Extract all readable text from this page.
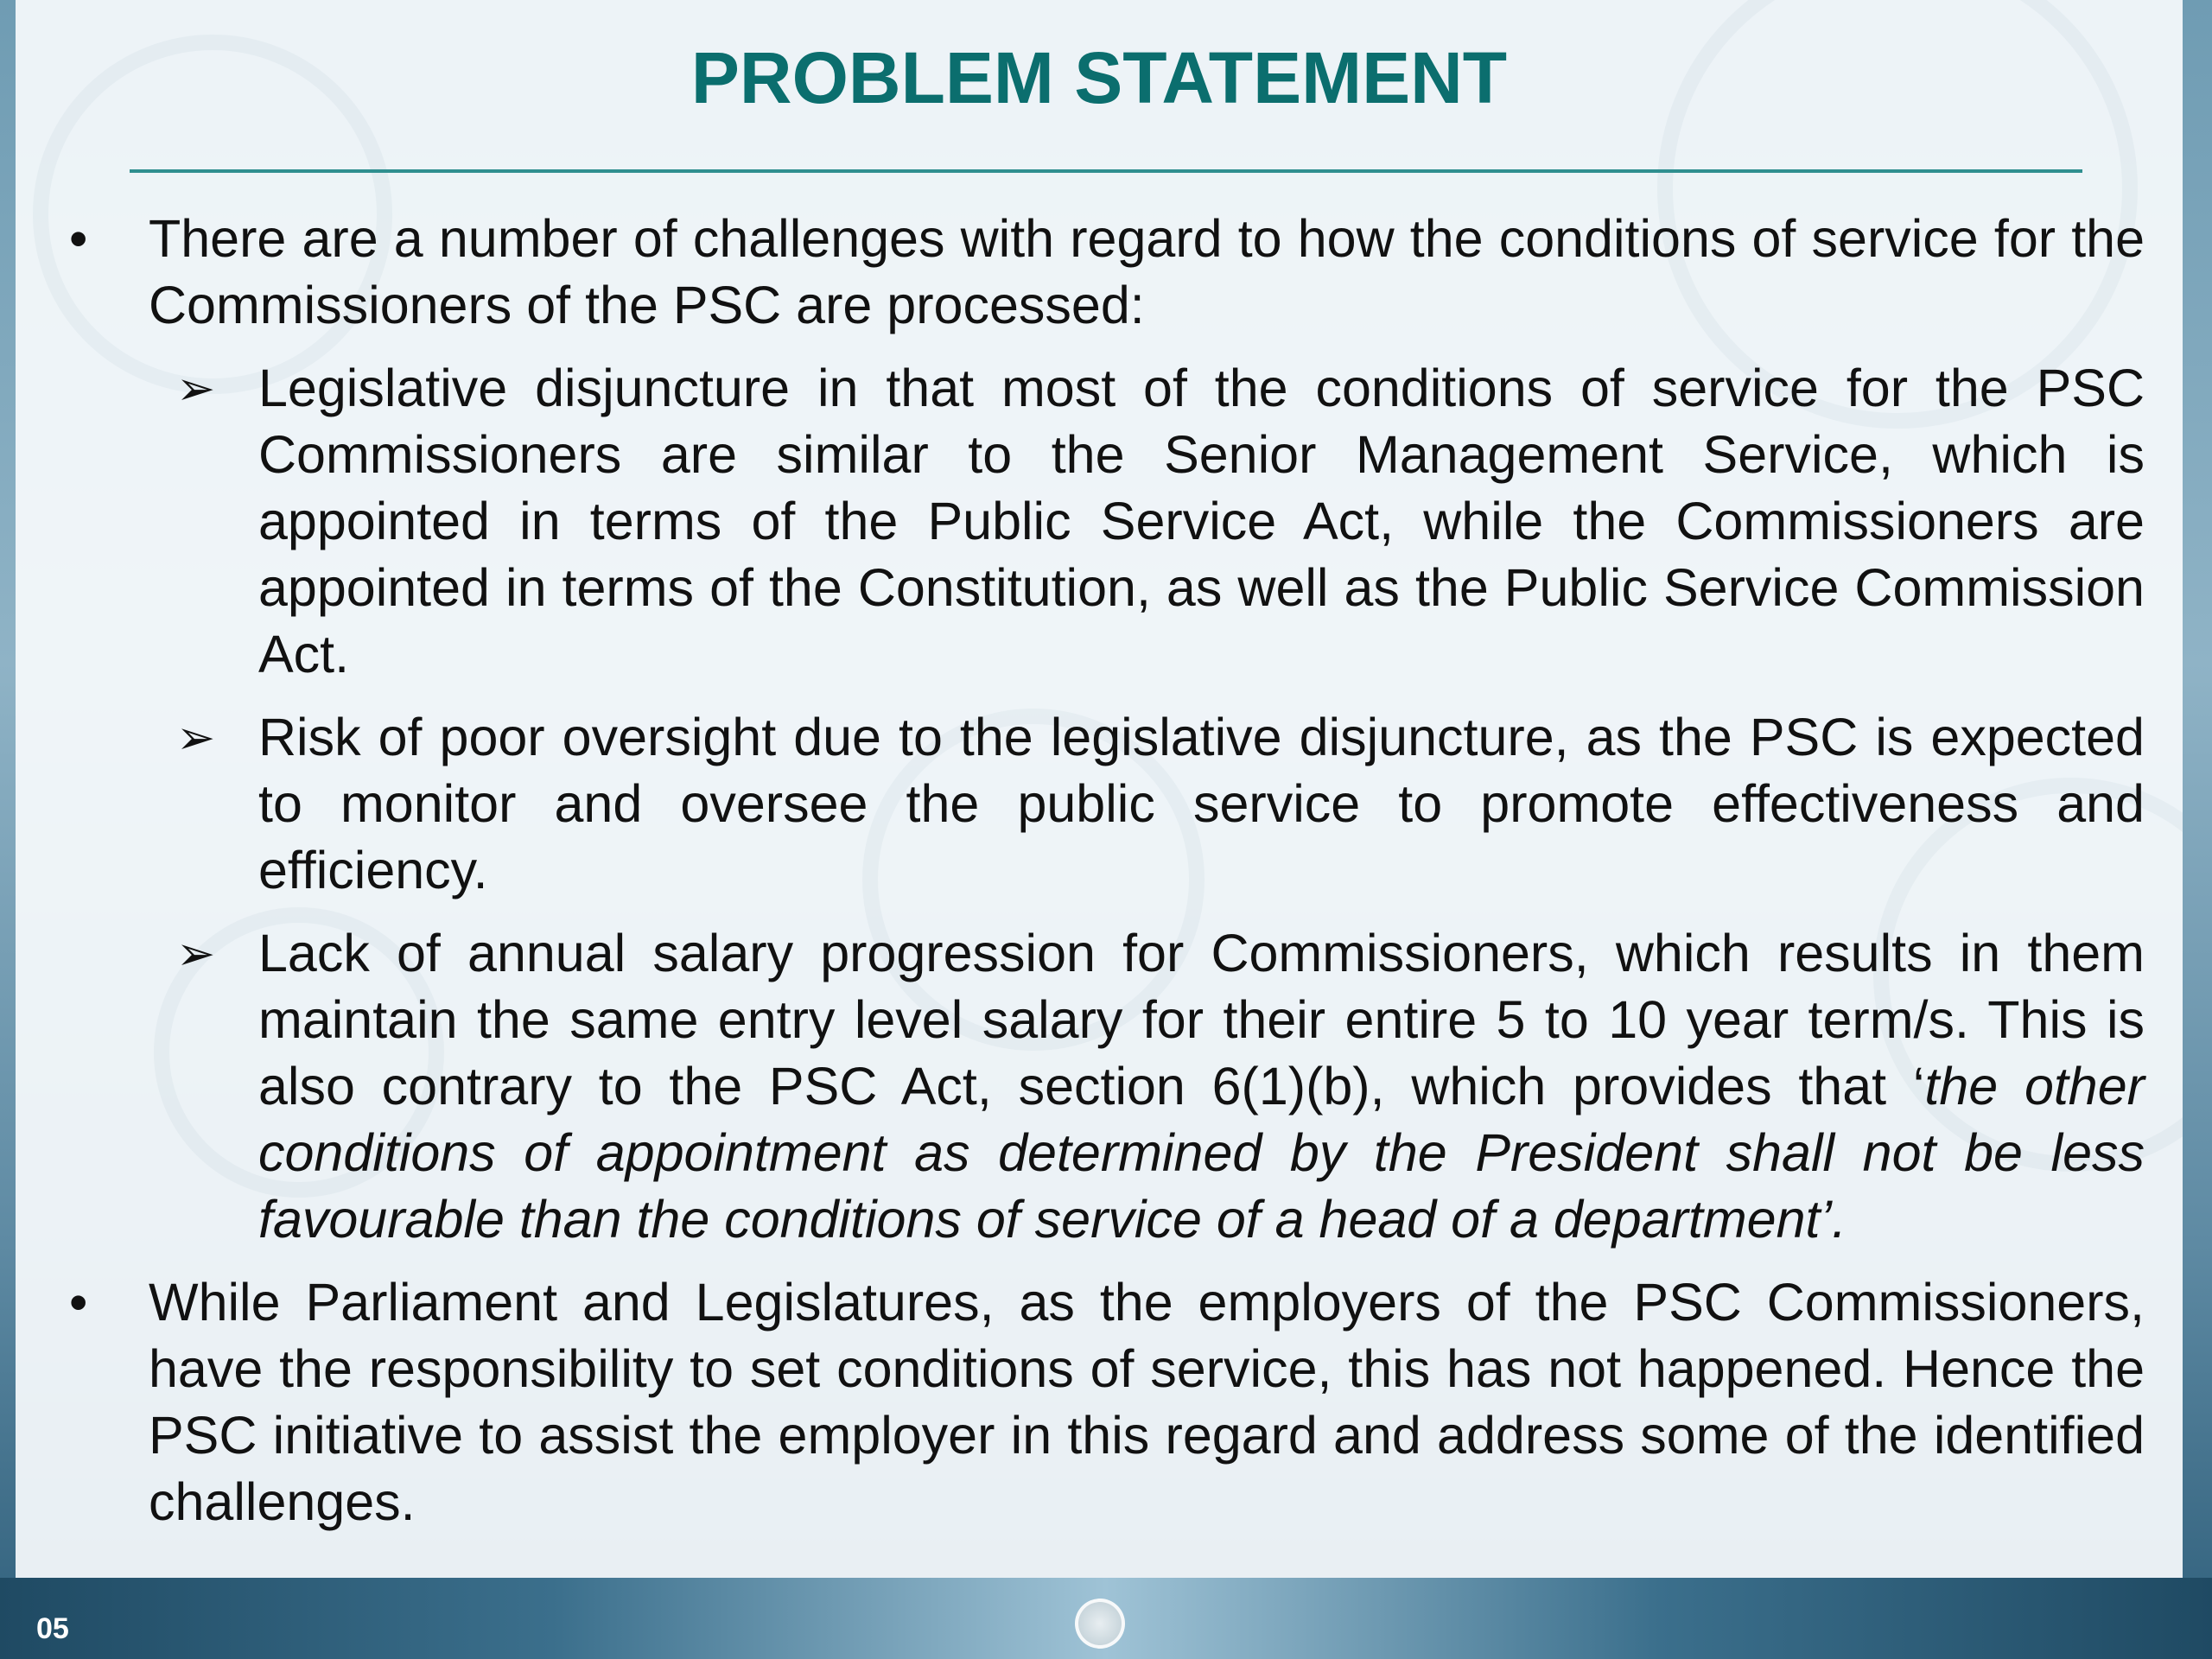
PROBLEM STATEMENT
• There are a number of challenges with regard to how the conditions of service for the Commissioners of the PSC are processed:
➢ Legislative disjuncture in that most of the conditions of service for the PSC Commissioners are similar to the Senior Management Service, which is appointed in terms of the Public Service Act, while the Commissioners are appointed in terms of the Constitution, as well as the Public Service Commission Act.
➢ Risk of poor oversight due to the legislative disjuncture, as the PSC is expected to monitor and oversee the public service to promote effectiveness and efficiency.
➢ Lack of annual salary progression for Commissioners, which results in them maintain the same entry level salary for their entire 5 to 10 year term/s. This is also contrary to the PSC Act, section 6(1)(b), which provides that ‘the other conditions of appointment as determined by the President shall not be less favourable than the conditions of service of a head of a department’.
• While Parliament and Legislatures, as the employers of the PSC Commissioners, have the responsibility to set conditions of service, this has not happened. Hence the PSC initiative to assist the employer in this regard and address some of the identified challenges.
05
